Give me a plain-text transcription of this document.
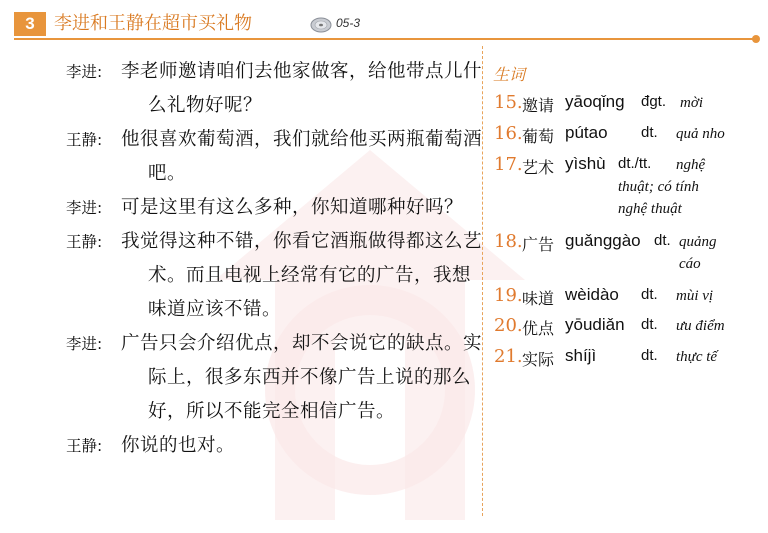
3	李进和王静在超市买礼物	05-3
李进: 李老师邀请咱们去他家做客，给他带点儿什么礼物好呢？
王静: 他很喜欢葡萄酒，我们就给他买两瓶葡萄酒吧。
李进: 可是这里有这么多种，你知道哪种好吗？
王静: 我觉得这种不错，你看它酒瓶做得都这么艺术。而且电视上经常有它的广告，我想味道应该不错。
李进: 广告只会介绍优点，却不会说它的缺点。实际上，很多东西并不像广告上说的那么好，所以不能完全相信广告。
王静: 你说的也对。
生词
15. 邀请 yāoqǐng đgt. mời
16. 葡萄 pútao dt. quả nho
17. 艺术 yìshù dt./tt. nghệ
thuật; có tính
nghệ thuật
18. 广告 guǎnggào dt. quảng
cáo
19. 味道 wèidào dt. mùi vị
20. 优点 yōudiǎn dt. ưu điểm
21. 实际 shíjì	dt. thực tế
